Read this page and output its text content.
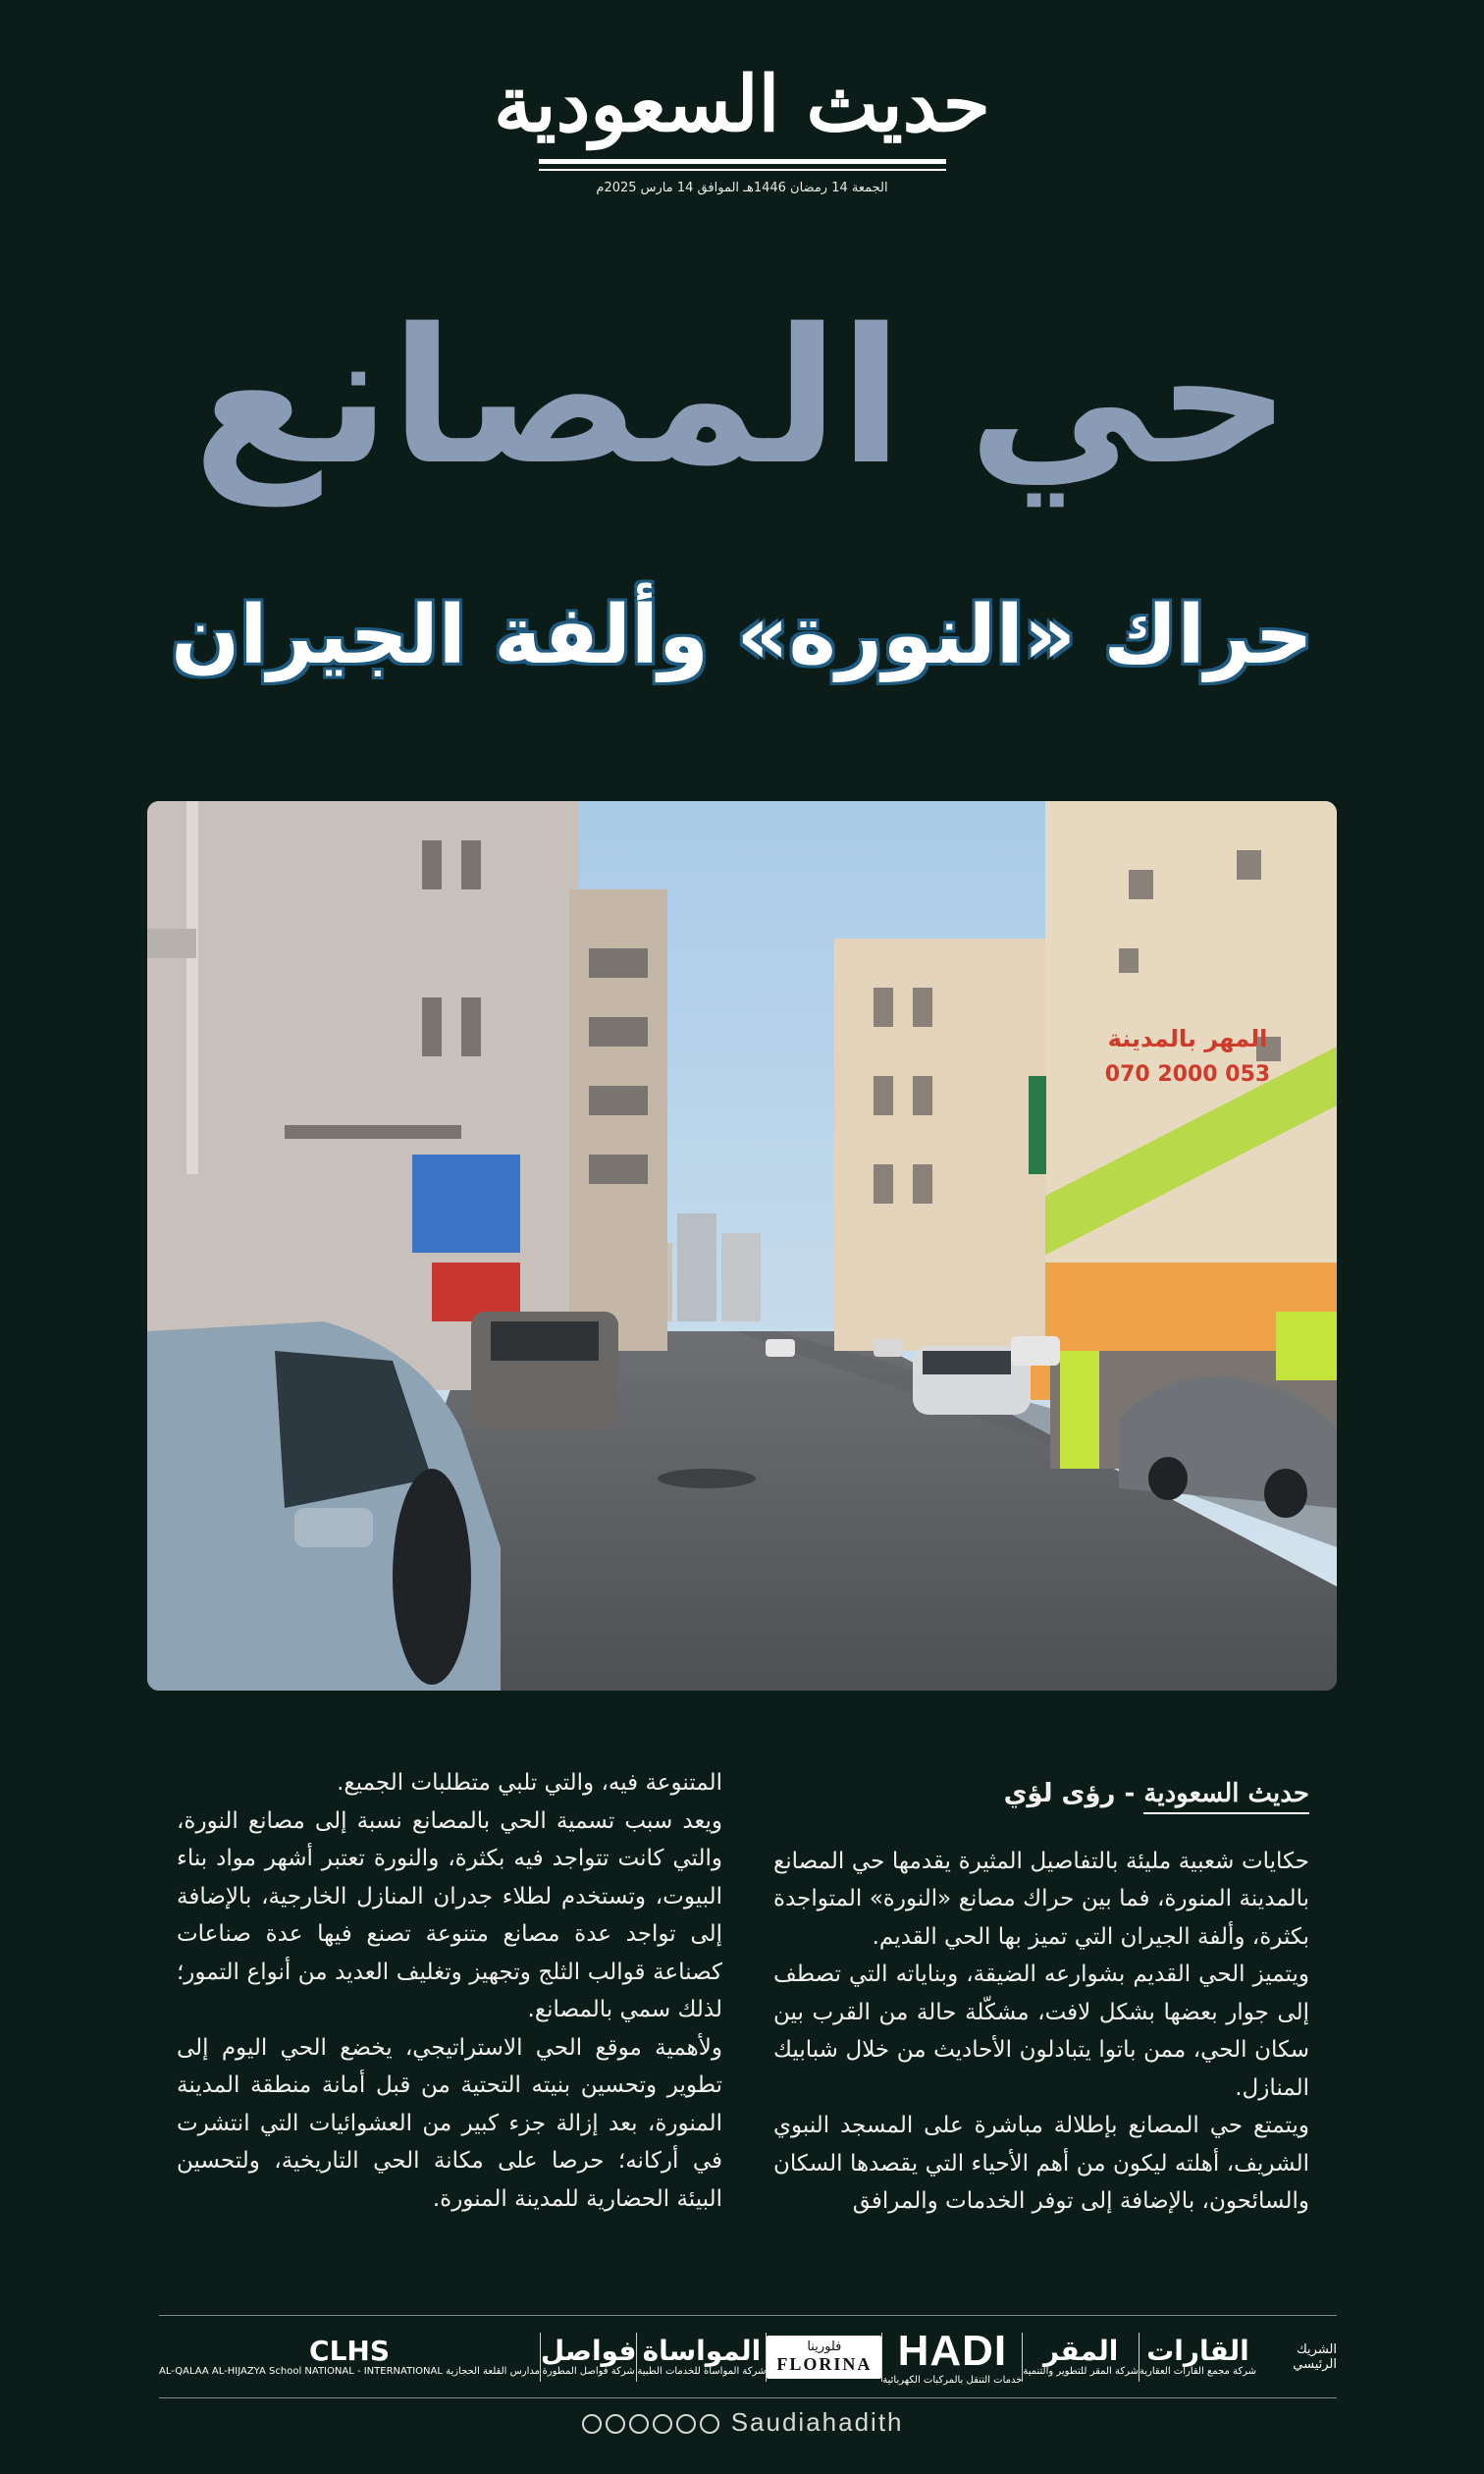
حديث السعودية
الجمعة 14 رمضان 1446هـ الموافق 14 مارس 2025م
حي المصانع
حراك «النورة» وألفة الجيران
المهر بالمدينة
053 2000 070
حديث السعودية - رؤى لؤي

حكايات شعبية مليئة بالتفاصيل المثيرة يقدمها حي المصانع بالمدينة المنورة، فما بين حراك مصانع «النورة» المتواجدة بكثرة، وألفة الجيران التي تميز بها الحي القديم.

ويتميز الحي القديم بشوارعه الضيقة، وبناياته التي تصطف إلى جوار بعضها بشكل لافت، مشكّلة حالة من القرب بين سكان الحي، ممن باتوا يتبادلون الأحاديث من خلال شبابيك المنازل.

ويتمتع حي المصانع بإطلالة مباشرة على المسجد النبوي الشريف، أهلته ليكون من أهم الأحياء التي يقصدها السكان والسائحون، بالإضافة إلى توفر الخدمات والمرافق

المتنوعة فيه، والتي تلبي متطلبات الجميع.

ويعد سبب تسمية الحي بالمصانع نسبة إلى مصانع النورة، والتي كانت تتواجد فيه بكثرة، والنورة تعتبر أشهر مواد بناء البيوت، وتستخدم لطلاء جدران المنازل الخارجية، بالإضافة إلى تواجد عدة مصانع متنوعة تصنع فيها عدة صناعات كصناعة قوالب الثلج وتجهيز وتغليف العديد من أنواع التمور؛ لذلك سمي بالمصانع.

ولأهمية موقع الحي الاستراتيجي، يخضع الحي اليوم إلى تطوير وتحسين بنيته التحتية من قبل أمانة منطقة المدينة المنورة، بعد إزالة جزء كبير من العشوائيات التي انتشرت في أركانه؛ حرصا على مكانة الحي التاريخية، ولتحسين البيئة الحضارية للمدينة المنورة.

الشريك الرئيسي
القارات
شركة مجمع القارات العقارية
المقر
شركة المقر للتطوير والتنمية
HADI
خدمات التنقل بالمركبات الكهربائية
فلورينا
FLORINA
المواساة
شركة المواساة للخدمات الطبية
فواصل
شركة فواصل المطورة
CLHS
مدارس القلعة الحجازية AL-QALAA AL-HIJAZYA School NATIONAL - INTERNATIONAL
Saudiahadith
